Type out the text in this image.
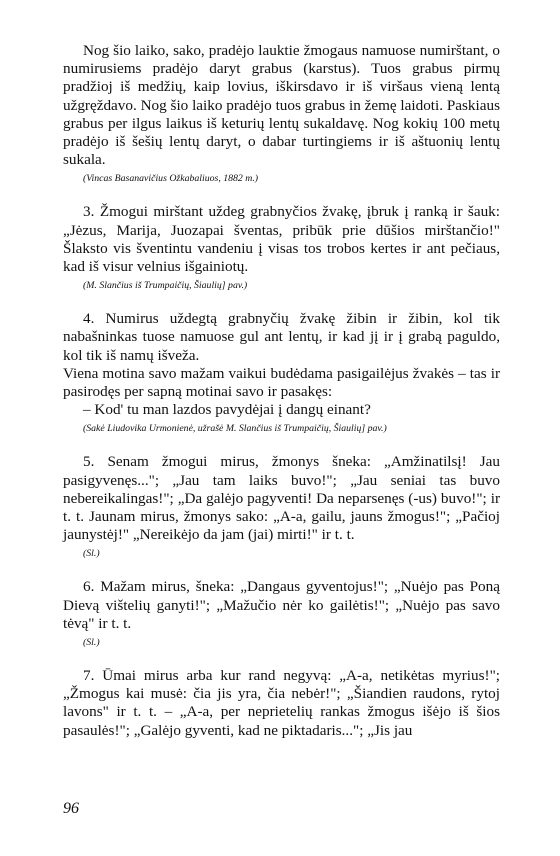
Nog šio laiko, sako, pradėjo lauktie žmogaus namuose numirštant, o numirusiems pradėjo daryt grabus (karstus). Tuos grabus pirmų pradžioj iš medžių, kaip lovius, iškirsdavo ir iš viršaus vieną lentą užgręždavo. Nog šio laiko pradėjo tuos grabus in žemę laidoti. Paskiaus grabus per ilgus laikus iš keturių lentų sukaldavę. Nog kokių 100 metų pradėjo iš šešių lentų daryt, o dabar turtingiems ir iš aštuonių lentų sukala.

(Vincas Basanavičius Ožkabaliuos, 1882 m.)

3. Žmogui mirštant uždeg grabnyčios žvakę, įbruk į ranką ir šauk: „Jėzus, Marija, Juozapai šventas, pribūk prie dūšios mirštančio!" Šlaksto vis šventintu vandeniu į visas tos trobos kertes ir ant pečiaus, kad iš visur velnius išgainiotų.

(M. Slančius iš Trumpaičių, Šiaulių] pav.)

4. Numirus uždegtą grabnyčių žvakę žibin ir žibin, kol tik nabašninkas tuose namuose gul ant lentų, ir kad jį ir į grabą paguldo, kol tik iš namų išveža.

Viena motina savo mažam vaikui budėdama pasigailėjus žvakės – tas ir pasirodęs per sapną motinai savo ir pasakęs:

– Kod' tu man lazdos pavydėjai į dangų einant?

(Sakė Liudovika Urmonienė, užrašė M. Slančius iš Trumpaičių, Šiaulių] pav.)

5. Senam žmogui mirus, žmonys šneka: „Amžinatilsį! Jau pasigyvenęs..."; „Jau tam laiks buvo!"; „Jau seniai tas buvo nebereikalingas!"; „Da galėjo pagyventi! Da neparsenęs (-us) buvo!"; ir t. t. Jaunam mirus, žmonys sako: „A-a, gailu, jauns žmogus!"; „Pačioj jaunystėj!" „Nereikėjo da jam (jai) mirti!" ir t. t.

(Sl.)

6. Mažam mirus, šneka: „Dangaus gyventojus!"; „Nuėjo pas Poną Dievą vištelių ganyti!"; „Mažučio nėr ko gailėtis!"; „Nuėjo pas savo tėvą" ir t. t.

(Sl.)

7. Ūmai mirus arba kur rand negyvą: „A-a, netikėtas myrius!"; „Žmogus kai musė: čia jis yra, čia nebėr!"; „Šiandien raudons, rytoj lavons" ir t. t. – „A-a, per neprietelių rankas žmogus išėjo iš šios pasaulės!"; „Galėjo gyventi, kad ne piktadaris..."; „Jis jau

96
